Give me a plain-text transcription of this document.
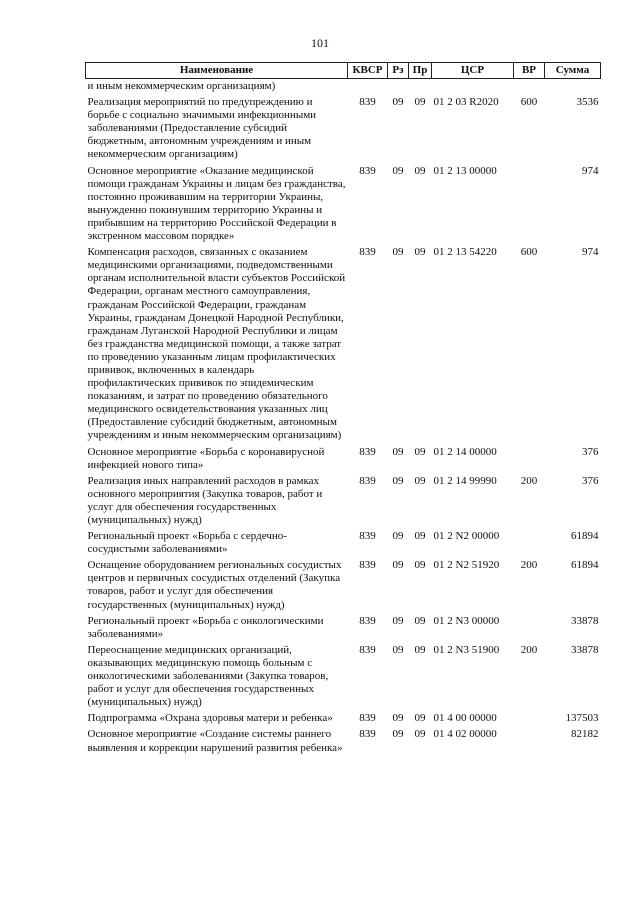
101
Наименование	КВСР	Рз	Пр	ЦСР	ВР	Сумма
и иным некоммерческим организациям)						
Реализация мероприятий по предупреждению и борьбе с социально значимыми инфекционными заболеваниями (Предоставление субсидий бюджетным, автономным учреждениям и иным некоммерческим организациям)	839	09	09	01 2 03 R2020	600	3536
Основное мероприятие «Оказание медицинской помощи гражданам Украины и лицам без гражданства, постоянно проживавшим на территории Украины, вынужденно покинувшим территорию Украины и прибывшим на территорию Российской Федерации в экстренном массовом порядке»	839	09	09	01 2 13 00000		974
Компенсация расходов, связанных с оказанием медицинскими организациями, подведомственными органам исполнительной власти субъектов Российской Федерации, органам местного самоуправления, гражданам Российской Федерации, гражданам Украины, гражданам Донецкой Народной Республики, гражданам Луганской Народной Республики и лицам без гражданства медицинской помощи, а также затрат по проведению указанным лицам профилактических прививок, включенных в календарь профилактических прививок по эпидемическим показаниям, и затрат по проведению обязательного медицинского освидетельствования указанных лиц (Предоставление субсидий бюджетным, автономным учреждениям и иным некоммерческим организациям)	839	09	09	01 2 13 54220	600	974
Основное мероприятие «Борьба с коронавирусной инфекцией нового типа»	839	09	09	01 2 14 00000		376
Реализация иных направлений расходов в рамках основного мероприятия (Закупка товаров, работ и услуг для обеспечения государственных (муниципальных) нужд)	839	09	09	01 2 14 99990	200	376
Региональный проект «Борьба с сердечно-сосудистыми заболеваниями»	839	09	09	01 2 N2 00000		61894
Оснащение оборудованием региональных сосудистых центров и первичных сосудистых отделений (Закупка товаров, работ и услуг для обеспечения государственных (муниципальных) нужд)	839	09	09	01 2 N2 51920	200	61894
Региональный проект «Борьба с онкологическими заболеваниями»	839	09	09	01 2 N3 00000		33878
Переоснащение медицинских организаций, оказывающих медицинскую помощь больным с онкологическими заболеваниями (Закупка товаров, работ и услуг для обеспечения государственных (муниципальных) нужд)	839	09	09	01 2 N3 51900	200	33878
Подпрограмма «Охрана здоровья матери и ребенка»	839	09	09	01 4 00 00000		137503
Основное мероприятие «Создание системы раннего выявления и коррекции нарушений развития ребенка»	839	09	09	01 4 02 00000		82182
